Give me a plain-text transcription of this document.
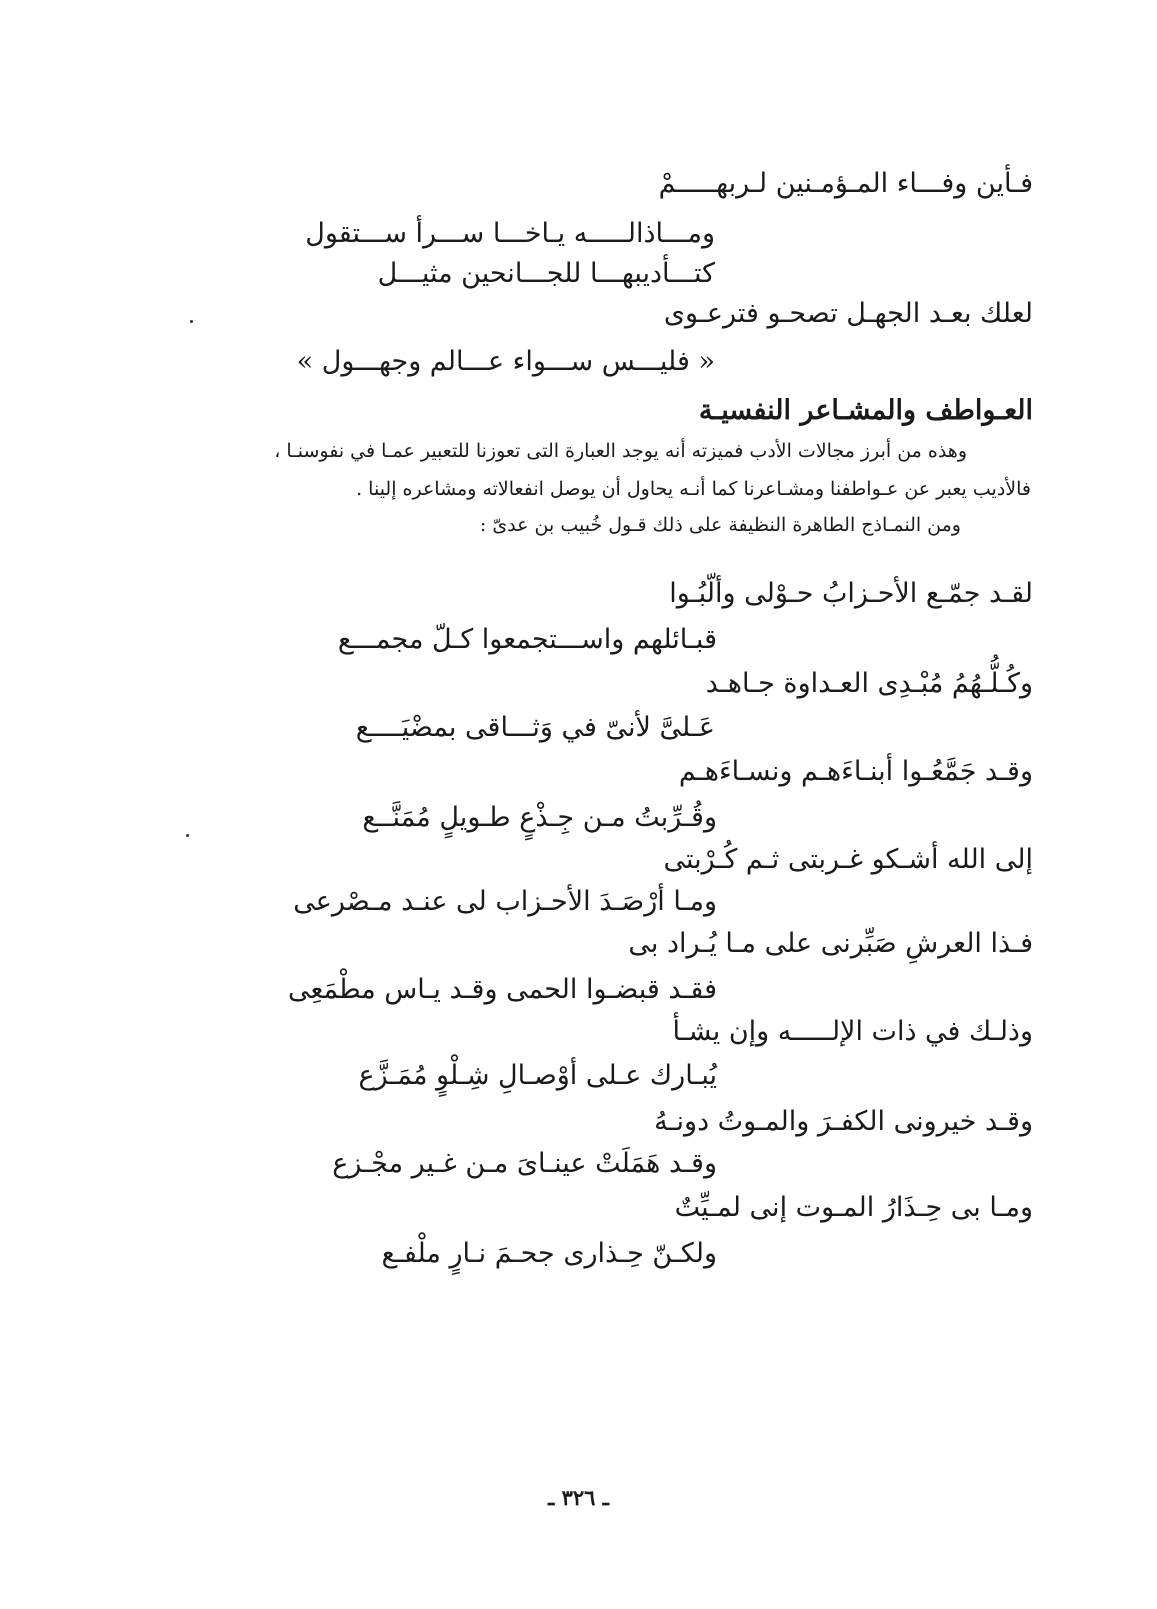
فـأين وفـــاء المـؤمـنين لـربهـــــمْ
ومـــاذالـــــه يـاخـــا ســـرأ ســـتقول
كتـــأديبهـــا للجـــانحين مثيـــل
لعلك بعـد الجهـل تصحـو فترعـوى
« فليـــس ســـواء عـــالم وجهـــول »
العـواطف والمشـاعر النفسيـة
وهذه من أبرز مجالات الأدب فميزته أنه يوجد العبارة التى تعوزنا للتعبير عمـا في نفوسنـا ،
فالأديب يعبر عن عـواطفنا ومشـاعرنا كما أنـه يحاول أن يوصل انفعالاته ومشاعره إلينا .
ومن النمـاذج الطاهرة النظيفة على ذلك قـول خُبيب بن عدىّ :
لقـد جمّـع الأحـزابُ حـوْلى وألّبُـوا
قبـائلهم واســـتجمعوا كـلّ مجمـــع
وكُـلُّـهُمُ مُبْـدِى العـداوة جـاهـد
عَـلىَّ لأنىّ في وَثـــاقى بمضْيَــــع
وقـد جَمَّعُـوا أبنـاءَهـم ونسـاءَهـم
وقُـرِّبتُ مـن جِـذْعٍ طـويلٍ مُمَنَّــع
إلى الله أشـكو غـربتى ثـم كُـرْبتى
ومـا أرْصَـدَ الأحـزاب لى عنـد مـصْرعى
فـذا العرشِ صَبِّرنى على مـا يُـراد بى
فقـد قبضـوا الحمى وقـد يـاس مطْمَعِى
وذلـك في ذات الإلـــــه وإن يشـأ
يُبـارك عـلى أوْصـالِ شِـلْوٍ مُمَـزَّع
وقـد خيرونى الكفـرَ والمـوتُ دونـهُ
وقـد هَمَلَتْ عينـاىَ مـن غـير مجْـزع
ومـا بى حِـذَارُ المـوت إنى لمـيِّتٌ
ولكـنّ حِـذارى جحـمَ نـارٍ ملْفـع
ـ ٣٢٦ ـ
